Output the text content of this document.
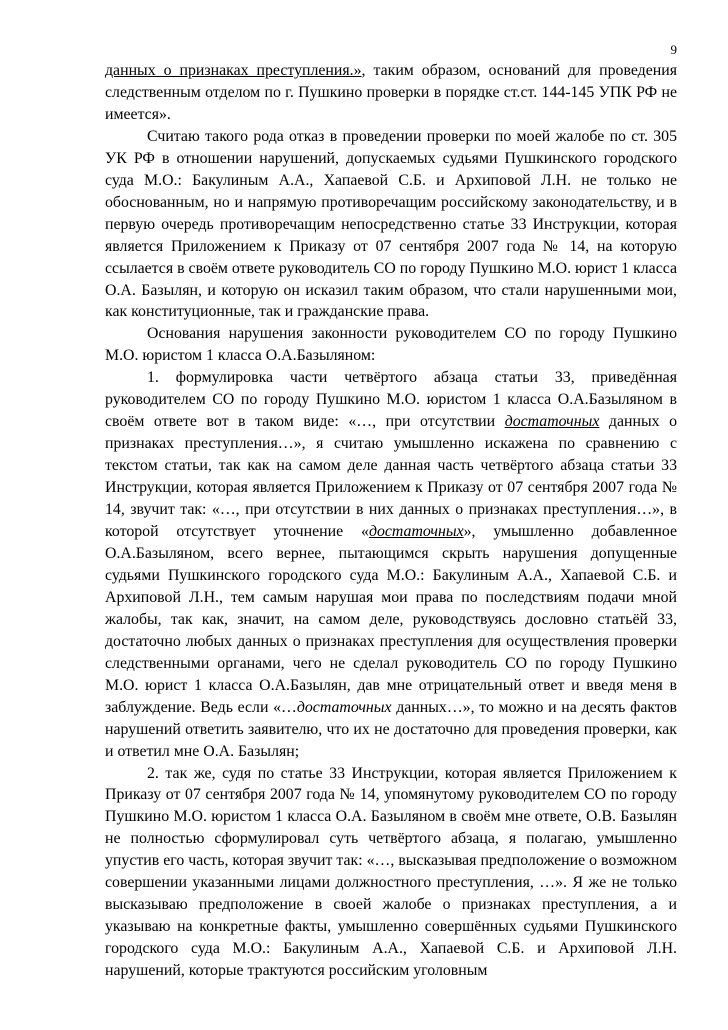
9

данных о признаках преступления.», таким образом, оснований для проведения следственным отделом по г. Пушкино проверки в порядке ст.ст. 144-145 УПК РФ не имеется».

Считаю такого рода отказ в проведении проверки по моей жалобе по ст. 305 УК РФ в отношении нарушений, допускаемых судьями Пушкинского городского суда М.О.: Бакулиным А.А., Хапаевой С.Б. и Архиповой Л.Н. не только не обоснованным, но и напрямую противоречащим российскому законодательству, и в первую очередь противоречащим непосредственно статье 33 Инструкции, которая является Приложением к Приказу от 07 сентября 2007 года № 14, на которую ссылается в своём ответе руководитель СО по городу Пушкино М.О. юрист 1 класса О.А. Базылян, и которую он исказил таким образом, что стали нарушенными мои, как конституционные, так и гражданские права.

Основания нарушения законности руководителем СО по городу Пушкино М.О. юристом 1 класса О.А.Базыляном:

1. формулировка части четвёртого абзаца статьи 33, приведённая руководителем СО по городу Пушкино М.О. юристом 1 класса О.А.Базыляном в своём ответе вот в таком виде: «…, при отсутствии достаточных данных о признаках преступления…», я считаю умышленно искажена по сравнению с текстом статьи, так как на самом деле данная часть четвёртого абзаца статьи 33 Инструкции, которая является Приложением к Приказу от 07 сентября 2007 года № 14, звучит так: «…, при отсутствии в них данных о признаках преступления…», в которой отсутствует уточнение «достаточных», умышленно добавленное О.А.Базыляном, всего вернее, пытающимся скрыть нарушения допущенные судьями Пушкинского городского суда М.О.: Бакулиным А.А., Хапаевой С.Б. и Архиповой Л.Н., тем самым нарушая мои права по последствиям подачи мной жалобы, так как, значит, на самом деле, руководствуясь дословно статьёй 33, достаточно любых данных о признаках преступления для осуществления проверки следственными органами, чего не сделал руководитель СО по городу Пушкино М.О. юрист 1 класса О.А.Базылян, дав мне отрицательный ответ и введя меня в заблуждение. Ведь если «…достаточных данных…», то можно и на десять фактов нарушений ответить заявителю, что их не достаточно для проведения проверки, как и ответил мне О.А. Базылян;

2. так же, судя по статье 33 Инструкции, которая является Приложением к Приказу от 07 сентября 2007 года № 14, упомянутому руководителем СО по городу Пушкино М.О. юристом 1 класса О.А. Базыляном в своём мне ответе, О.В. Базылян не полностью сформулировал суть четвёртого абзаца, я полагаю, умышленно упустив его часть, которая звучит так: «…, высказывая предположение о возможном совершении указанными лицами должностного преступления, …». Я же не только высказываю предположение в своей жалобе о признаках преступления, а и указываю на конкретные факты, умышленно совершённых судьями Пушкинского городского суда М.О.: Бакулиным А.А., Хапаевой С.Б. и Архиповой Л.Н. нарушений, которые трактуются российским уголовным
